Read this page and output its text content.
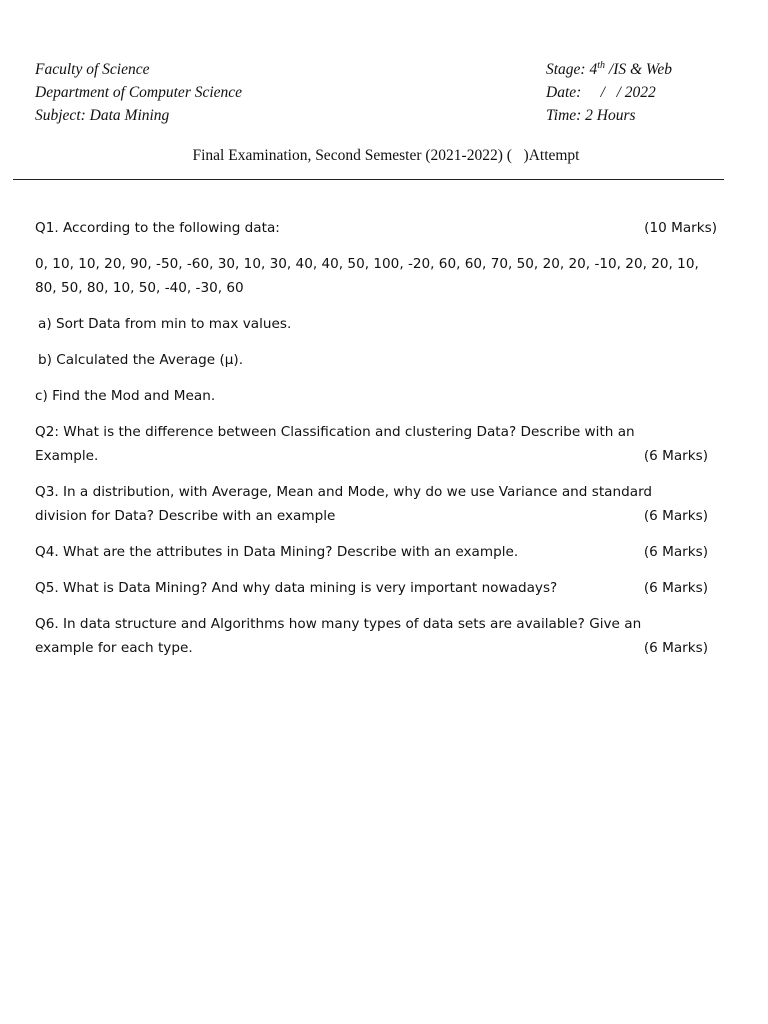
Faculty of Science
Department of Computer Science
Subject: Data Mining
Stage: 4th /IS & Web
Date:     /   / 2022
Time: 2 Hours
Final Examination, Second Semester (2021-2022) (   )Attempt
Q1. According to the following data:	(10 Marks)
0, 10, 10, 20, 90, -50, -60, 30, 10, 30, 40, 40, 50, 100, -20, 60, 60, 70, 50, 20, 20, -10, 20, 20, 10,
80, 50, 80, 10, 50, -40, -30, 60
a) Sort Data from min to max values.
b) Calculated the Average (µ).
c) Find the Mod and Mean.
Q2: What is the difference between Classification and clustering Data? Describe with an
Example.	(6 Marks)
Q3. In a distribution, with Average, Mean and Mode, why do we use Variance and standard
division for Data? Describe with an example	(6 Marks)
Q4. What are the attributes in Data Mining? Describe with an example.	(6 Marks)
Q5. What is Data Mining? And why data mining is very important nowadays?	(6 Marks)
Q6. In data structure and Algorithms how many types of data sets are available? Give an
example for each type.	(6 Marks)
